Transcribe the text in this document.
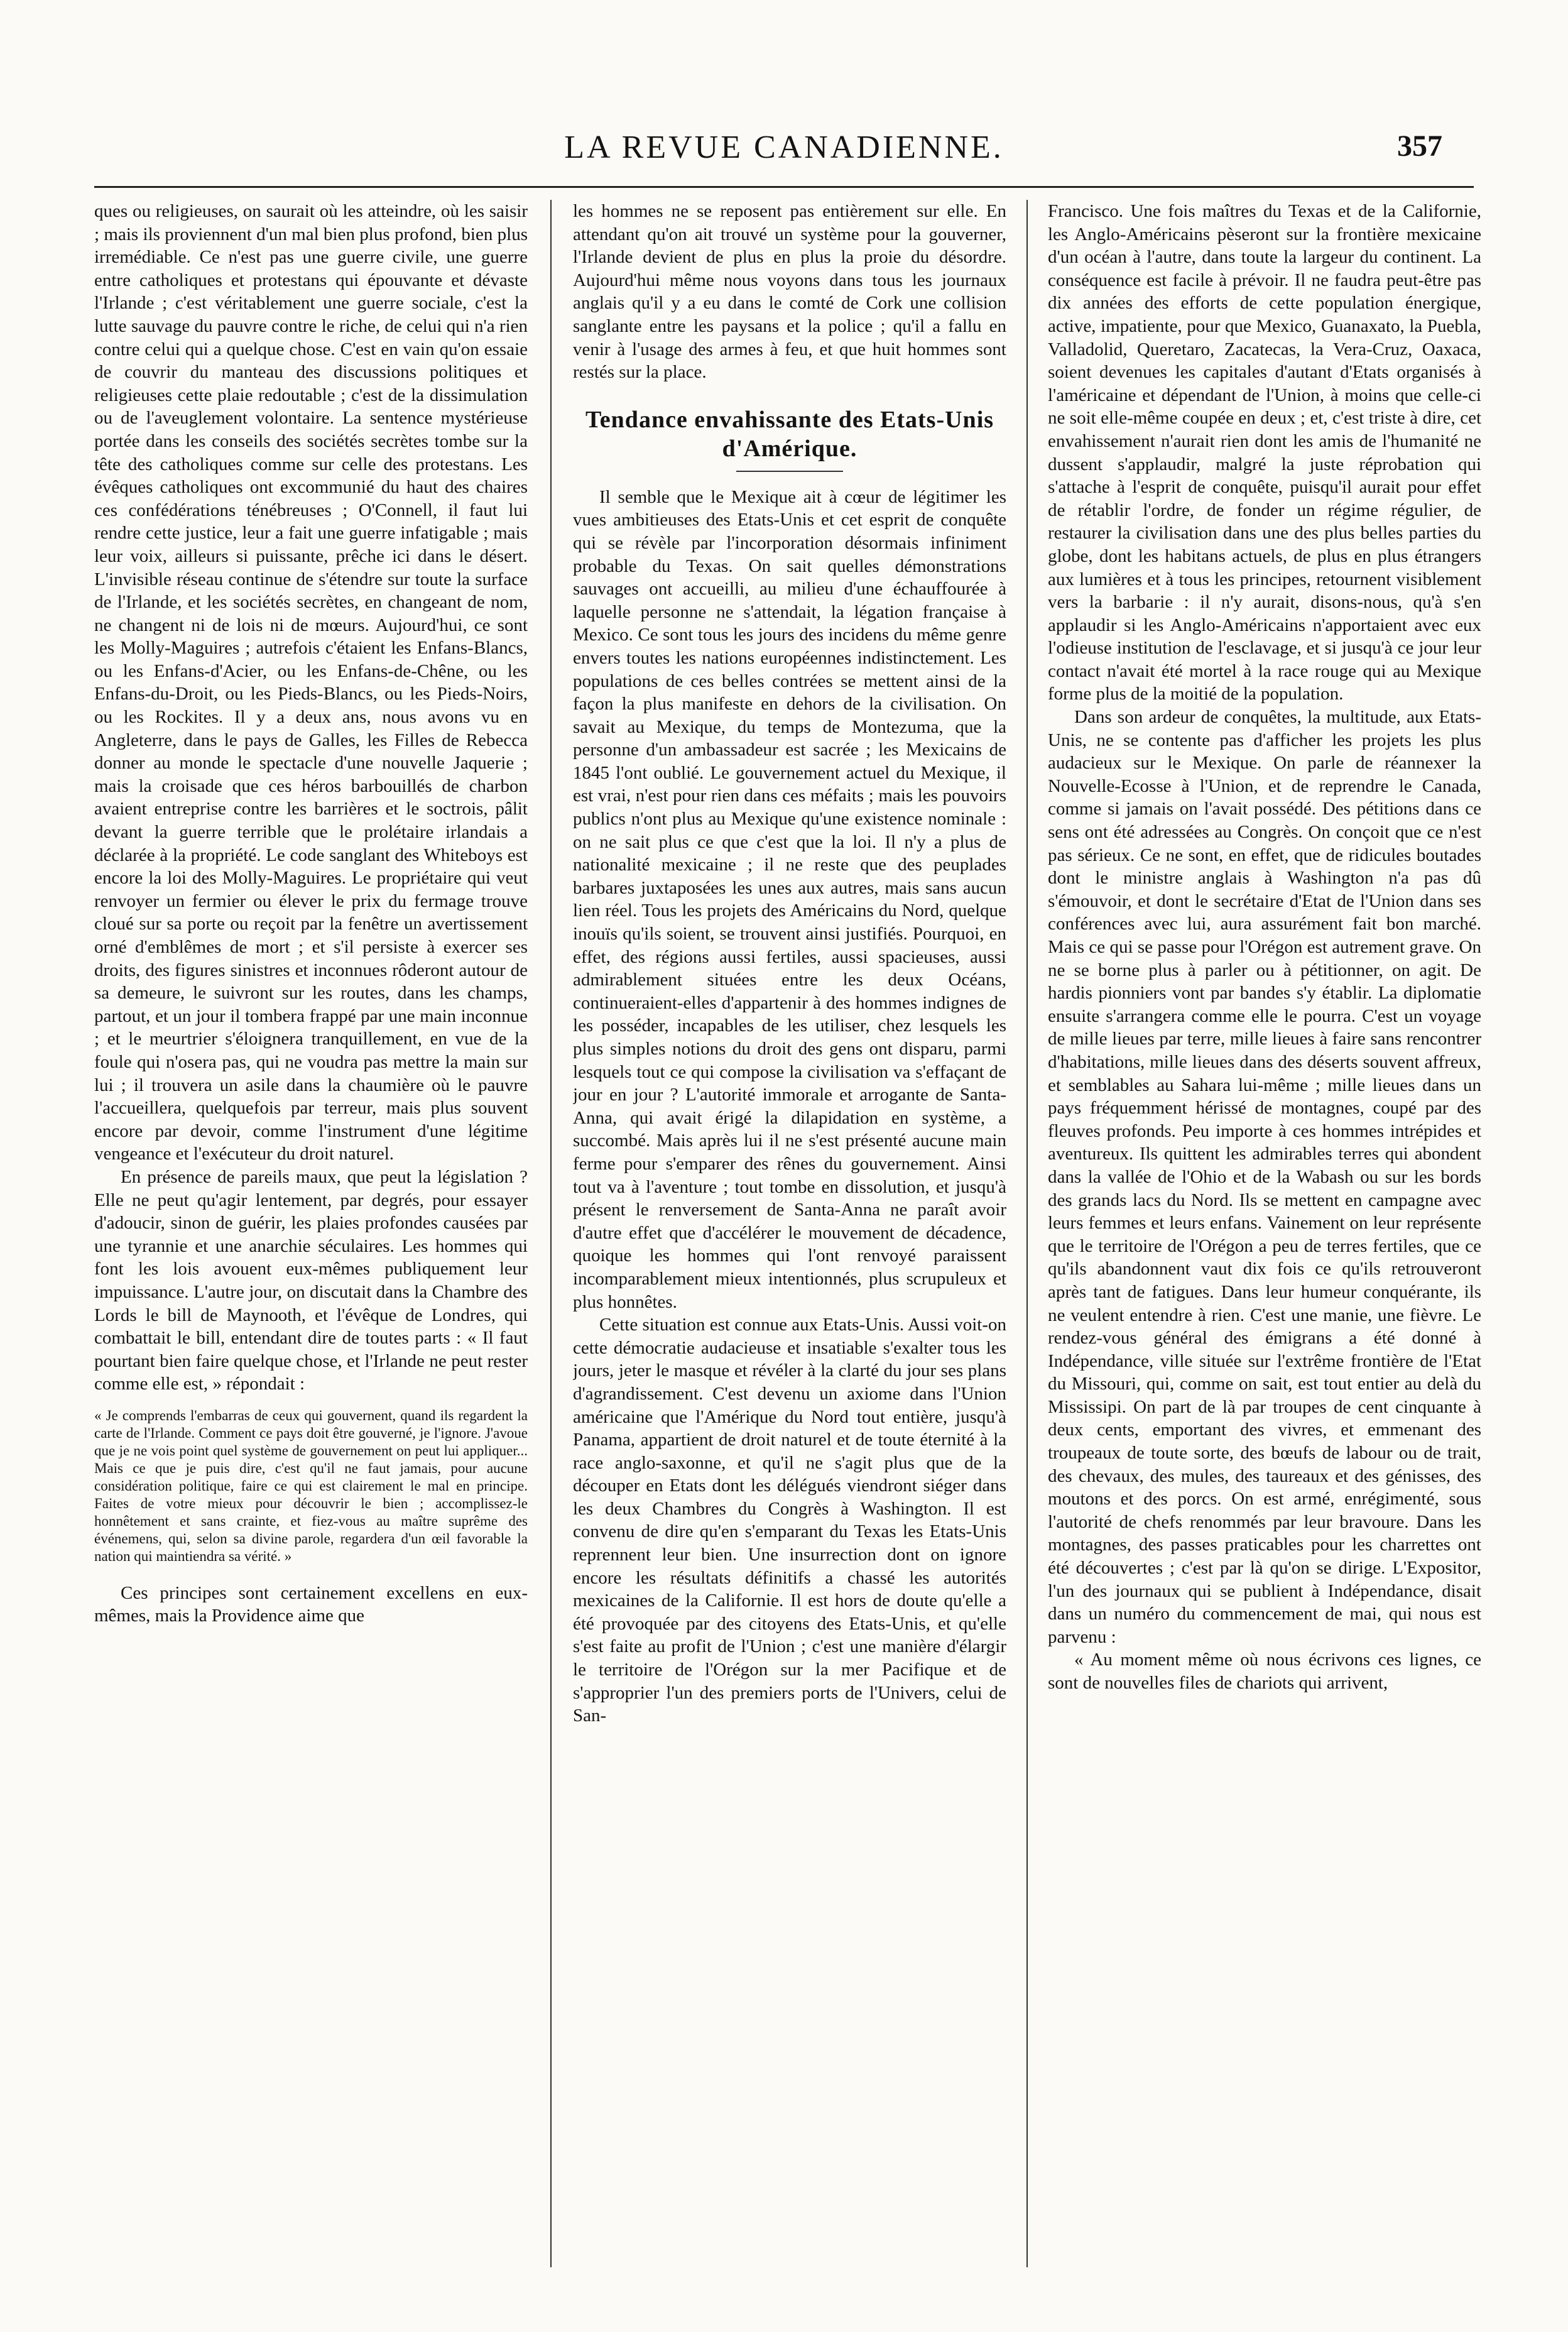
LA REVUE CANADIENNE.	357

ques ou religieuses, on saurait où les atteindre, où les saisir ; mais ils proviennent d'un mal bien plus profond, bien plus irremédiable. Ce n'est pas une guerre civile, une guerre entre catholiques et protestans qui épouvante et dévaste l'Irlande ; c'est véritablement une guerre sociale, c'est la lutte sauvage du pauvre contre le riche, de celui qui n'a rien contre celui qui a quelque chose. C'est en vain qu'on essaie de couvrir du manteau des discussions politiques et religieuses cette plaie redoutable ; c'est de la dissimulation ou de l'aveuglement volontaire. La sentence mystérieuse portée dans les conseils des sociétés secrètes tombe sur la tête des catholiques comme sur celle des protestans. Les évêques catholiques ont excommunié du haut des chaires ces confédérations ténébreuses ; O'Connell, il faut lui rendre cette justice, leur a fait une guerre infatigable ; mais leur voix, ailleurs si puissante, prêche ici dans le désert. L'invisible réseau continue de s'étendre sur toute la surface de l'Irlande, et les sociétés secrètes, en changeant de nom, ne changent ni de lois ni de mœurs. Aujourd'hui, ce sont les Molly-Maguires ; autrefois c'étaient les Enfans-Blancs, ou les Enfans-d'Acier, ou les Enfans-de-Chêne, ou les Enfans-du-Droit, ou les Pieds-Blancs, ou les Pieds-Noirs, ou les Rockites. Il y a deux ans, nous avons vu en Angleterre, dans le pays de Galles, les Filles de Rebecca donner au monde le spectacle d'une nouvelle Jaquerie ; mais la croisade que ces héros barbouillés de charbon avaient entreprise contre les barrières et le soctrois, pâlit devant la guerre terrible que le prolétaire irlandais a déclarée à la propriété. Le code sanglant des Whiteboys est encore la loi des Molly-Maguires. Le propriétaire qui veut renvoyer un fermier ou élever le prix du fermage trouve cloué sur sa porte ou reçoit par la fenêtre un avertissement orné d'emblêmes de mort ; et s'il persiste à exercer ses droits, des figures sinistres et inconnues rôderont autour de sa demeure, le suivront sur les routes, dans les champs, partout, et un jour il tombera frappé par une main inconnue ; et le meurtrier s'éloignera tranquillement, en vue de la foule qui n'osera pas, qui ne voudra pas mettre la main sur lui ; il trouvera un asile dans la chaumière où le pauvre l'accueillera, quelquefois par terreur, mais plus souvent encore par devoir, comme l'instrument d'une légitime vengeance et l'exécuteur du droit naturel.

En présence de pareils maux, que peut la législation ? Elle ne peut qu'agir lentement, par degrés, pour essayer d'adoucir, sinon de guérir, les plaies profondes causées par une tyrannie et une anarchie séculaires. Les hommes qui font les lois avouent eux-mêmes publiquement leur impuissance. L'autre jour, on discutait dans la Chambre des Lords le bill de Maynooth, et l'évêque de Londres, qui combattait le bill, entendant dire de toutes parts : « Il faut pourtant bien faire quelque chose, et l'Irlande ne peut rester comme elle est, » répondait :

« Je comprends l'embarras de ceux qui gouvernent, quand ils regardent la carte de l'Irlande. Comment ce pays doit être gouverné, je l'ignore. J'avoue que je ne vois point quel système de gouvernement on peut lui appliquer... Mais ce que je puis dire, c'est qu'il ne faut jamais, pour aucune considération politique, faire ce qui est clairement le mal en principe. Faites de votre mieux pour découvrir le bien ; accomplissez-le honnêtement et sans crainte, et fiez-vous au maître suprême des événemens, qui, selon sa divine parole, regardera d'un œil favorable la nation qui maintiendra sa vérité. »

Ces principes sont certainement excellens en eux-mêmes, mais la Providence aime que

les hommes ne se reposent pas entièrement sur elle. En attendant qu'on ait trouvé un système pour la gouverner, l'Irlande devient de plus en plus la proie du désordre. Aujourd'hui même nous voyons dans tous les journaux anglais qu'il y a eu dans le comté de Cork une collision sanglante entre les paysans et la police ; qu'il a fallu en venir à l'usage des armes à feu, et que huit hommes sont restés sur la place.

Tendance envahissante des Etats-Unis d'Amérique.

Il semble que le Mexique ait à cœur de légitimer les vues ambitieuses des Etats-Unis et cet esprit de conquête qui se révèle par l'incorporation désormais infiniment probable du Texas. On sait quelles démonstrations sauvages ont accueilli, au milieu d'une échauffourée à laquelle personne ne s'attendait, la légation française à Mexico. Ce sont tous les jours des incidens du même genre envers toutes les nations européennes indistinctement. Les populations de ces belles contrées se mettent ainsi de la façon la plus manifeste en dehors de la civilisation. On savait au Mexique, du temps de Montezuma, que la personne d'un ambassadeur est sacrée ; les Mexicains de 1845 l'ont oublié. Le gouvernement actuel du Mexique, il est vrai, n'est pour rien dans ces méfaits ; mais les pouvoirs publics n'ont plus au Mexique qu'une existence nominale : on ne sait plus ce que c'est que la loi. Il n'y a plus de nationalité mexicaine ; il ne reste que des peuplades barbares juxtaposées les unes aux autres, mais sans aucun lien réel. Tous les projets des Américains du Nord, quelque inouïs qu'ils soient, se trouvent ainsi justifiés. Pourquoi, en effet, des régions aussi fertiles, aussi spacieuses, aussi admirablement situées entre les deux Océans, continueraient-elles d'appartenir à des hommes indignes de les posséder, incapables de les utiliser, chez lesquels les plus simples notions du droit des gens ont disparu, parmi lesquels tout ce qui compose la civilisation va s'effaçant de jour en jour ? L'autorité immorale et arrogante de Santa-Anna, qui avait érigé la dilapidation en système, a succombé. Mais après lui il ne s'est présenté aucune main ferme pour s'emparer des rênes du gouvernement. Ainsi tout va à l'aventure ; tout tombe en dissolution, et jusqu'à présent le renversement de Santa-Anna ne paraît avoir d'autre effet que d'accélérer le mouvement de décadence, quoique les hommes qui l'ont renvoyé paraissent incomparablement mieux intentionnés, plus scrupuleux et plus honnêtes.

Cette situation est connue aux Etats-Unis. Aussi voit-on cette démocratie audacieuse et insatiable s'exalter tous les jours, jeter le masque et révéler à la clarté du jour ses plans d'agrandissement. C'est devenu un axiome dans l'Union américaine que l'Amérique du Nord tout entière, jusqu'à Panama, appartient de droit naturel et de toute éternité à la race anglo-saxonne, et qu'il ne s'agit plus que de la découper en Etats dont les délégués viendront siéger dans les deux Chambres du Congrès à Washington. Il est convenu de dire qu'en s'emparant du Texas les Etats-Unis reprennent leur bien. Une insurrection dont on ignore encore les résultats définitifs a chassé les autorités mexicaines de la Californie. Il est hors de doute qu'elle a été provoquée par des citoyens des Etats-Unis, et qu'elle s'est faite au profit de l'Union ; c'est une manière d'élargir le territoire de l'Orégon sur la mer Pacifique et de s'approprier l'un des premiers ports de l'Univers, celui de San-

Francisco. Une fois maîtres du Texas et de la Californie, les Anglo-Américains pèseront sur la frontière mexicaine d'un océan à l'autre, dans toute la largeur du continent. La conséquence est facile à prévoir. Il ne faudra peut-être pas dix années des efforts de cette population énergique, active, impatiente, pour que Mexico, Guanaxato, la Puebla, Valladolid, Queretaro, Zacatecas, la Vera-Cruz, Oaxaca, soient devenues les capitales d'autant d'Etats organisés à l'américaine et dépendant de l'Union, à moins que celle-ci ne soit elle-même coupée en deux ; et, c'est triste à dire, cet envahissement n'aurait rien dont les amis de l'humanité ne dussent s'applaudir, malgré la juste réprobation qui s'attache à l'esprit de conquête, puisqu'il aurait pour effet de rétablir l'ordre, de fonder un régime régulier, de restaurer la civilisation dans une des plus belles parties du globe, dont les habitans actuels, de plus en plus étrangers aux lumières et à tous les principes, retournent visiblement vers la barbarie : il n'y aurait, disons-nous, qu'à s'en applaudir si les Anglo-Américains n'apportaient avec eux l'odieuse institution de l'esclavage, et si jusqu'à ce jour leur contact n'avait été mortel à la race rouge qui au Mexique forme plus de la moitié de la population.

Dans son ardeur de conquêtes, la multitude, aux Etats-Unis, ne se contente pas d'afficher les projets les plus audacieux sur le Mexique. On parle de réannexer la Nouvelle-Ecosse à l'Union, et de reprendre le Canada, comme si jamais on l'avait possédé. Des pétitions dans ce sens ont été adressées au Congrès. On conçoit que ce n'est pas sérieux. Ce ne sont, en effet, que de ridicules boutades dont le ministre anglais à Washington n'a pas dû s'émouvoir, et dont le secrétaire d'Etat de l'Union dans ses conférences avec lui, aura assurément fait bon marché. Mais ce qui se passe pour l'Orégon est autrement grave. On ne se borne plus à parler ou à pétitionner, on agit. De hardis pionniers vont par bandes s'y établir. La diplomatie ensuite s'arrangera comme elle le pourra. C'est un voyage de mille lieues par terre, mille lieues à faire sans rencontrer d'habitations, mille lieues dans des déserts souvent affreux, et semblables au Sahara lui-même ; mille lieues dans un pays fréquemment hérissé de montagnes, coupé par des fleuves profonds. Peu importe à ces hommes intrépides et aventureux. Ils quittent les admirables terres qui abondent dans la vallée de l'Ohio et de la Wabash ou sur les bords des grands lacs du Nord. Ils se mettent en campagne avec leurs femmes et leurs enfans. Vainement on leur représente que le territoire de l'Orégon a peu de terres fertiles, que ce qu'ils abandonnent vaut dix fois ce qu'ils retrouveront après tant de fatigues. Dans leur humeur conquérante, ils ne veulent entendre à rien. C'est une manie, une fièvre. Le rendez-vous général des émigrans a été donné à Indépendance, ville située sur l'extrême frontière de l'Etat du Missouri, qui, comme on sait, est tout entier au delà du Mississipi. On part de là par troupes de cent cinquante à deux cents, emportant des vivres, et emmenant des troupeaux de toute sorte, des bœufs de labour ou de trait, des chevaux, des mules, des taureaux et des génisses, des moutons et des porcs. On est armé, enrégimenté, sous l'autorité de chefs renommés par leur bravoure. Dans les montagnes, des passes praticables pour les charrettes ont été découvertes ; c'est par là qu'on se dirige. L'Expositor, l'un des journaux qui se publient à Indépendance, disait dans un numéro du commencement de mai, qui nous est parvenu :

« Au moment même où nous écrivons ces lignes, ce sont de nouvelles files de chariots qui arrivent,
